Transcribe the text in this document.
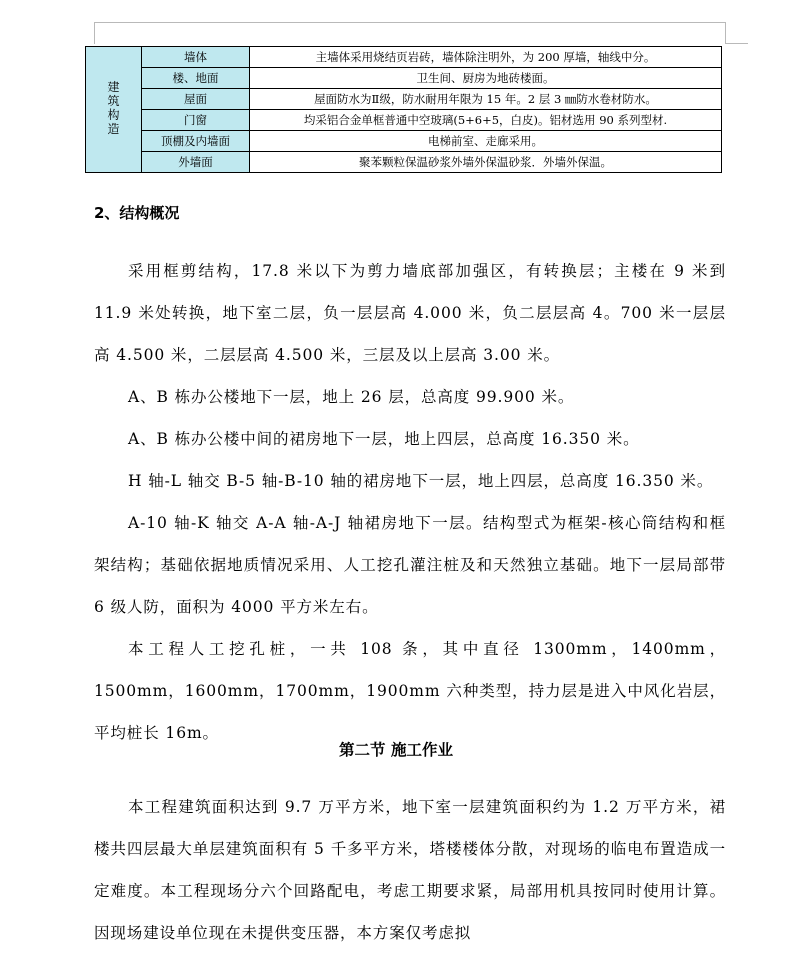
建筑构造	墙体	主墙体采用烧结页岩砖，墙体除注明外，为 200 厚墙，轴线中分。
	楼、地面	卫生间、厨房为地砖楼面。
	屋面	屋面防水为Ⅱ级，防水耐用年限为 15 年。2 层 3 ㎜防水卷材防水。
	门窗	均采铝合金单框普通中空玻璃(5+6+5，白皮)。铝材选用 90 系列型材.
	顶棚及内墙面	电梯前室、走廊采用。
	外墙面	聚苯颗粒保温砂浆外墙外保温砂浆．外墙外保温。
2、结构概况

采用框剪结构，17.8 米以下为剪力墙底部加强区，有转换层；主楼在 9 米到 11.9 米处转换，地下室二层，负一层层高 4.000 米，负二层层高 4。700 米一层层高 4.500 米，二层层高 4.500 米，三层及以上层高 3.00 米。

A、B 栋办公楼地下一层，地上 26 层，总高度 99.900 米。

A、B 栋办公楼中间的裙房地下一层，地上四层，总高度 16.350 米。

H 轴-L 轴交 B-5 轴-B-10 轴的裙房地下一层，地上四层，总高度 16.350 米。

A-10 轴-K 轴交 A-A 轴-A-J 轴裙房地下一层。结构型式为框架-核心筒结构和框架结构；基础依据地质情况采用、人工挖孔灌注桩及和天然独立基础。地下一层局部带 6 级人防，面积为 4000 平方米左右。

本工程人工挖孔桩，一共 108 条，其中直径 1300mm，1400mm，1500mm，1600mm，1700mm，1900mm 六种类型，持力层是进入中风化岩层，平均桩长 16m。

第二节 施工作业

本工程建筑面积达到 9.7 万平方米，地下室一层建筑面积约为 1.2 万平方米，裙楼共四层最大单层建筑面积有 5 千多平方米，塔楼楼体分散，对现场的临电布置造成一定难度。本工程现场分六个回路配电，考虑工期要求紧，局部用机具按同时使用计算。因现场建设单位现在未提供变压器，本方案仅考虑拟
